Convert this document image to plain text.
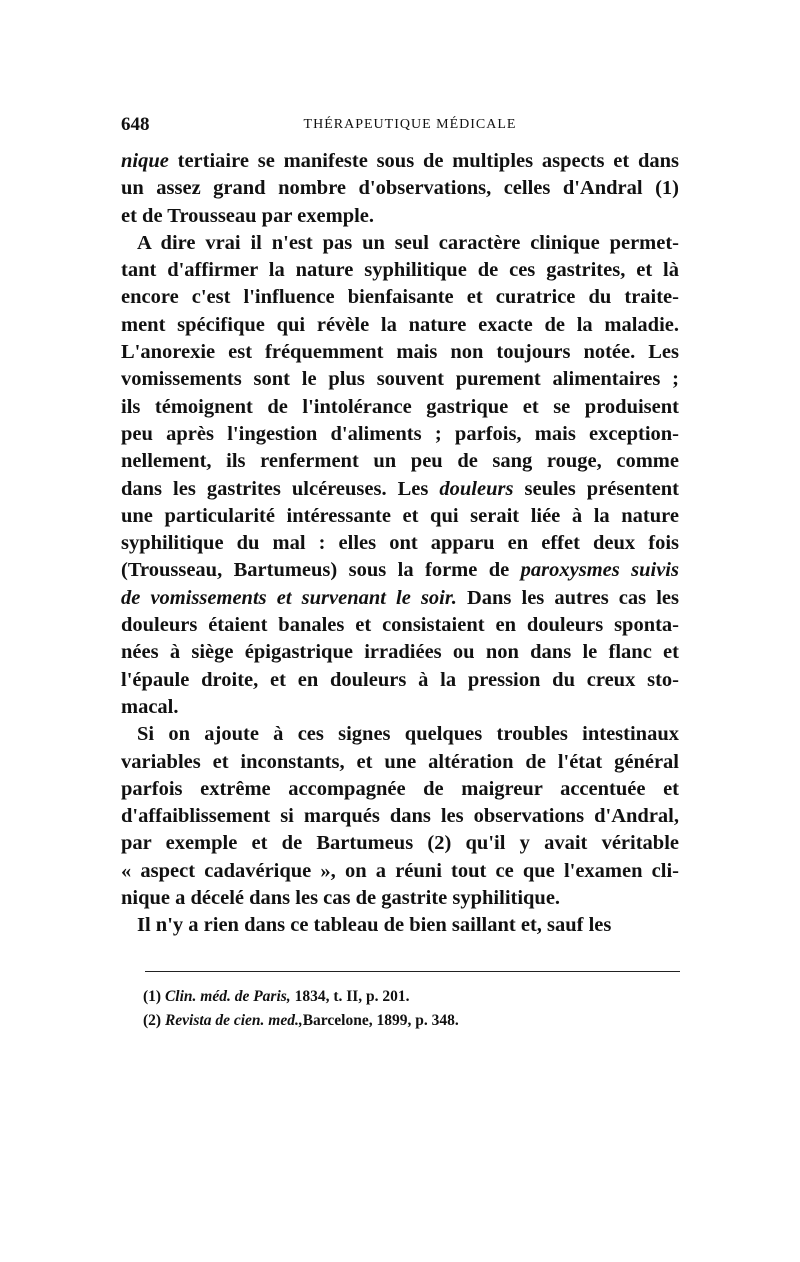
648	THÉRAPEUTIQUE MÉDICALE
nique tertiaire se manifeste sous de multiples aspects et dans
un assez grand nombre d'observations, celles d'Andral (1)
et de Trousseau par exemple.
A dire vrai il n'est pas un seul caractère clinique permet-
tant d'affirmer la nature syphilitique de ces gastrites, et là
encore c'est l'influence bienfaisante et curatrice du traite-
ment spécifique qui révèle la nature exacte de la maladie.
L'anorexie est fréquemment mais non toujours notée. Les
vomissements sont le plus souvent purement alimentaires ;
ils témoignent de l'intolérance gastrique et se produisent
peu après l'ingestion d'aliments ; parfois, mais exception-
nellement, ils renferment un peu de sang rouge, comme
dans les gastrites ulcéreuses. Les douleurs seules présentent
une particularité intéressante et qui serait liée à la nature
syphilitique du mal : elles ont apparu en effet deux fois
(Trousseau, Bartumeus) sous la forme de paroxysmes suivis
de vomissements et survenant le soir. Dans les autres cas les
douleurs étaient banales et consistaient en douleurs sponta-
nées à siège épigastrique irradiées ou non dans le flanc et
l'épaule droite, et en douleurs à la pression du creux sto-
macal.
Si on ajoute à ces signes quelques troubles intestinaux
variables et inconstants, et une altération de l'état général
parfois extrême accompagnée de maigreur accentuée et
d'affaiblissement si marqués dans les observations d'Andral,
par exemple et de Bartumeus (2) qu'il y avait véritable
« aspect cadavérique », on a réuni tout ce que l'examen cli-
nique a décelé dans les cas de gastrite syphilitique.
Il n'y a rien dans ce tableau de bien saillant et, sauf les
(1) Clin. méd. de Paris, 1834, t. II, p. 201.
(2) Revista de cien. med.,Barcelone, 1899, p. 348.
